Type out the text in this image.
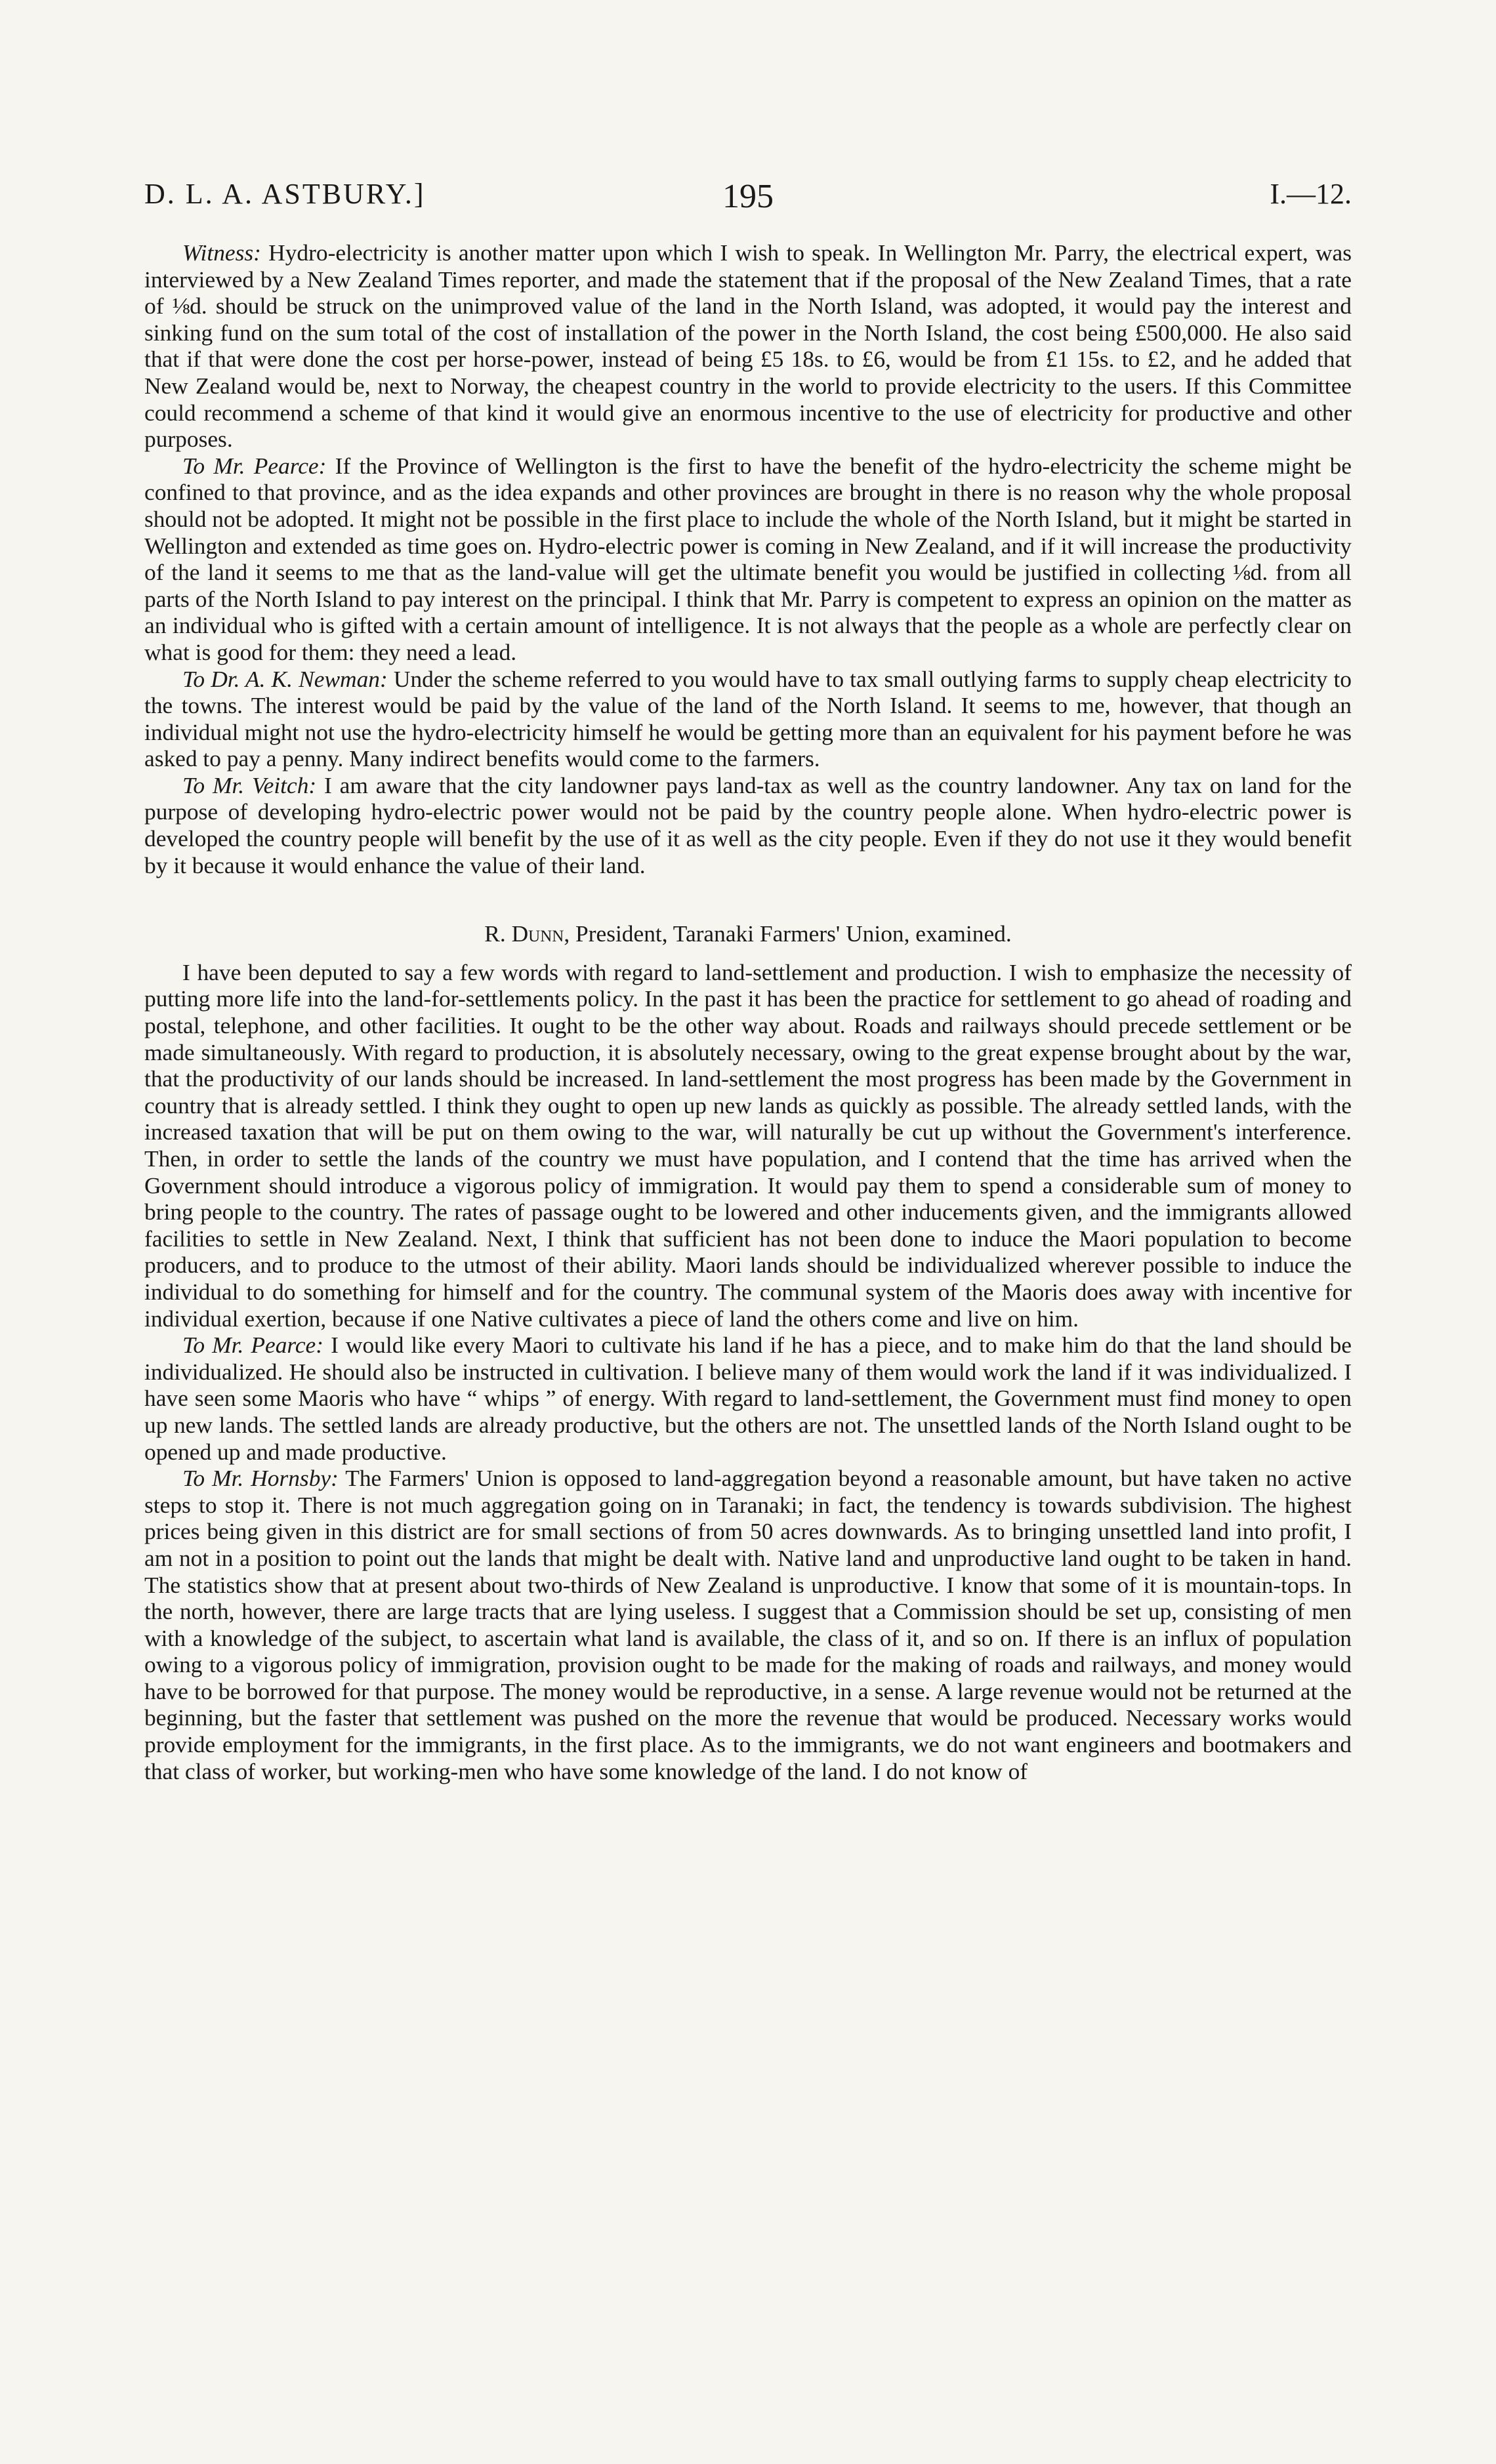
D. L. A. ASTBURY.]	195	I.—12.

Witness: Hydro-electricity is another matter upon which I wish to speak. In Wellington Mr. Parry, the electrical expert, was interviewed by a New Zealand Times reporter, and made the statement that if the proposal of the New Zealand Times, that a rate of ⅛d. should be struck on the unimproved value of the land in the North Island, was adopted, it would pay the interest and sinking fund on the sum total of the cost of installation of the power in the North Island, the cost being £500,000. He also said that if that were done the cost per horse-power, instead of being £5 18s. to £6, would be from £1 15s. to £2, and he added that New Zealand would be, next to Norway, the cheapest country in the world to provide electricity to the users. If this Committee could recommend a scheme of that kind it would give an enormous incentive to the use of electricity for productive and other purposes.

To Mr. Pearce: If the Province of Wellington is the first to have the benefit of the hydro-electricity the scheme might be confined to that province, and as the idea expands and other provinces are brought in there is no reason why the whole proposal should not be adopted. It might not be possible in the first place to include the whole of the North Island, but it might be started in Wellington and extended as time goes on. Hydro-electric power is coming in New Zealand, and if it will increase the productivity of the land it seems to me that as the land-value will get the ultimate benefit you would be justified in collecting ⅛d. from all parts of the North Island to pay interest on the principal. I think that Mr. Parry is competent to express an opinion on the matter as an individual who is gifted with a certain amount of intelligence. It is not always that the people as a whole are perfectly clear on what is good for them: they need a lead.

To Dr. A. K. Newman: Under the scheme referred to you would have to tax small outlying farms to supply cheap electricity to the towns. The interest would be paid by the value of the land of the North Island. It seems to me, however, that though an individual might not use the hydro-electricity himself he would be getting more than an equivalent for his payment before he was asked to pay a penny. Many indirect benefits would come to the farmers.

To Mr. Veitch: I am aware that the city landowner pays land-tax as well as the country landowner. Any tax on land for the purpose of developing hydro-electric power would not be paid by the country people alone. When hydro-electric power is developed the country people will benefit by the use of it as well as the city people. Even if they do not use it they would benefit by it because it would enhance the value of their land.

R. Dunn, President, Taranaki Farmers' Union, examined.

I have been deputed to say a few words with regard to land-settlement and production. I wish to emphasize the necessity of putting more life into the land-for-settlements policy. In the past it has been the practice for settlement to go ahead of roading and postal, telephone, and other facilities. It ought to be the other way about. Roads and railways should precede settlement or be made simultaneously. With regard to production, it is absolutely necessary, owing to the great expense brought about by the war, that the productivity of our lands should be increased. In land-settlement the most progress has been made by the Government in country that is already settled. I think they ought to open up new lands as quickly as possible. The already settled lands, with the increased taxation that will be put on them owing to the war, will naturally be cut up without the Government's interference. Then, in order to settle the lands of the country we must have population, and I contend that the time has arrived when the Government should introduce a vigorous policy of immigration. It would pay them to spend a considerable sum of money to bring people to the country. The rates of passage ought to be lowered and other inducements given, and the immigrants allowed facilities to settle in New Zealand. Next, I think that sufficient has not been done to induce the Maori population to become producers, and to produce to the utmost of their ability. Maori lands should be individualized wherever possible to induce the individual to do something for himself and for the country. The communal system of the Maoris does away with incentive for individual exertion, because if one Native cultivates a piece of land the others come and live on him.

To Mr. Pearce: I would like every Maori to cultivate his land if he has a piece, and to make him do that the land should be individualized. He should also be instructed in cultivation. I believe many of them would work the land if it was individualized. I have seen some Maoris who have “ whips ” of energy. With regard to land-settlement, the Government must find money to open up new lands. The settled lands are already productive, but the others are not. The unsettled lands of the North Island ought to be opened up and made productive.

To Mr. Hornsby: The Farmers' Union is opposed to land-aggregation beyond a reasonable amount, but have taken no active steps to stop it. There is not much aggregation going on in Taranaki; in fact, the tendency is towards subdivision. The highest prices being given in this district are for small sections of from 50 acres downwards. As to bringing unsettled land into profit, I am not in a position to point out the lands that might be dealt with. Native land and unproductive land ought to be taken in hand. The statistics show that at present about two-thirds of New Zealand is unproductive. I know that some of it is mountain-tops. In the north, however, there are large tracts that are lying useless. I suggest that a Commission should be set up, consisting of men with a knowledge of the subject, to ascertain what land is available, the class of it, and so on. If there is an influx of population owing to a vigorous policy of immigration, provision ought to be made for the making of roads and railways, and money would have to be borrowed for that purpose. The money would be reproductive, in a sense. A large revenue would not be returned at the beginning, but the faster that settlement was pushed on the more the revenue that would be produced. Necessary works would provide employment for the immigrants, in the first place. As to the immigrants, we do not want engineers and bootmakers and that class of worker, but working-men who have some knowledge of the land. I do not know of
